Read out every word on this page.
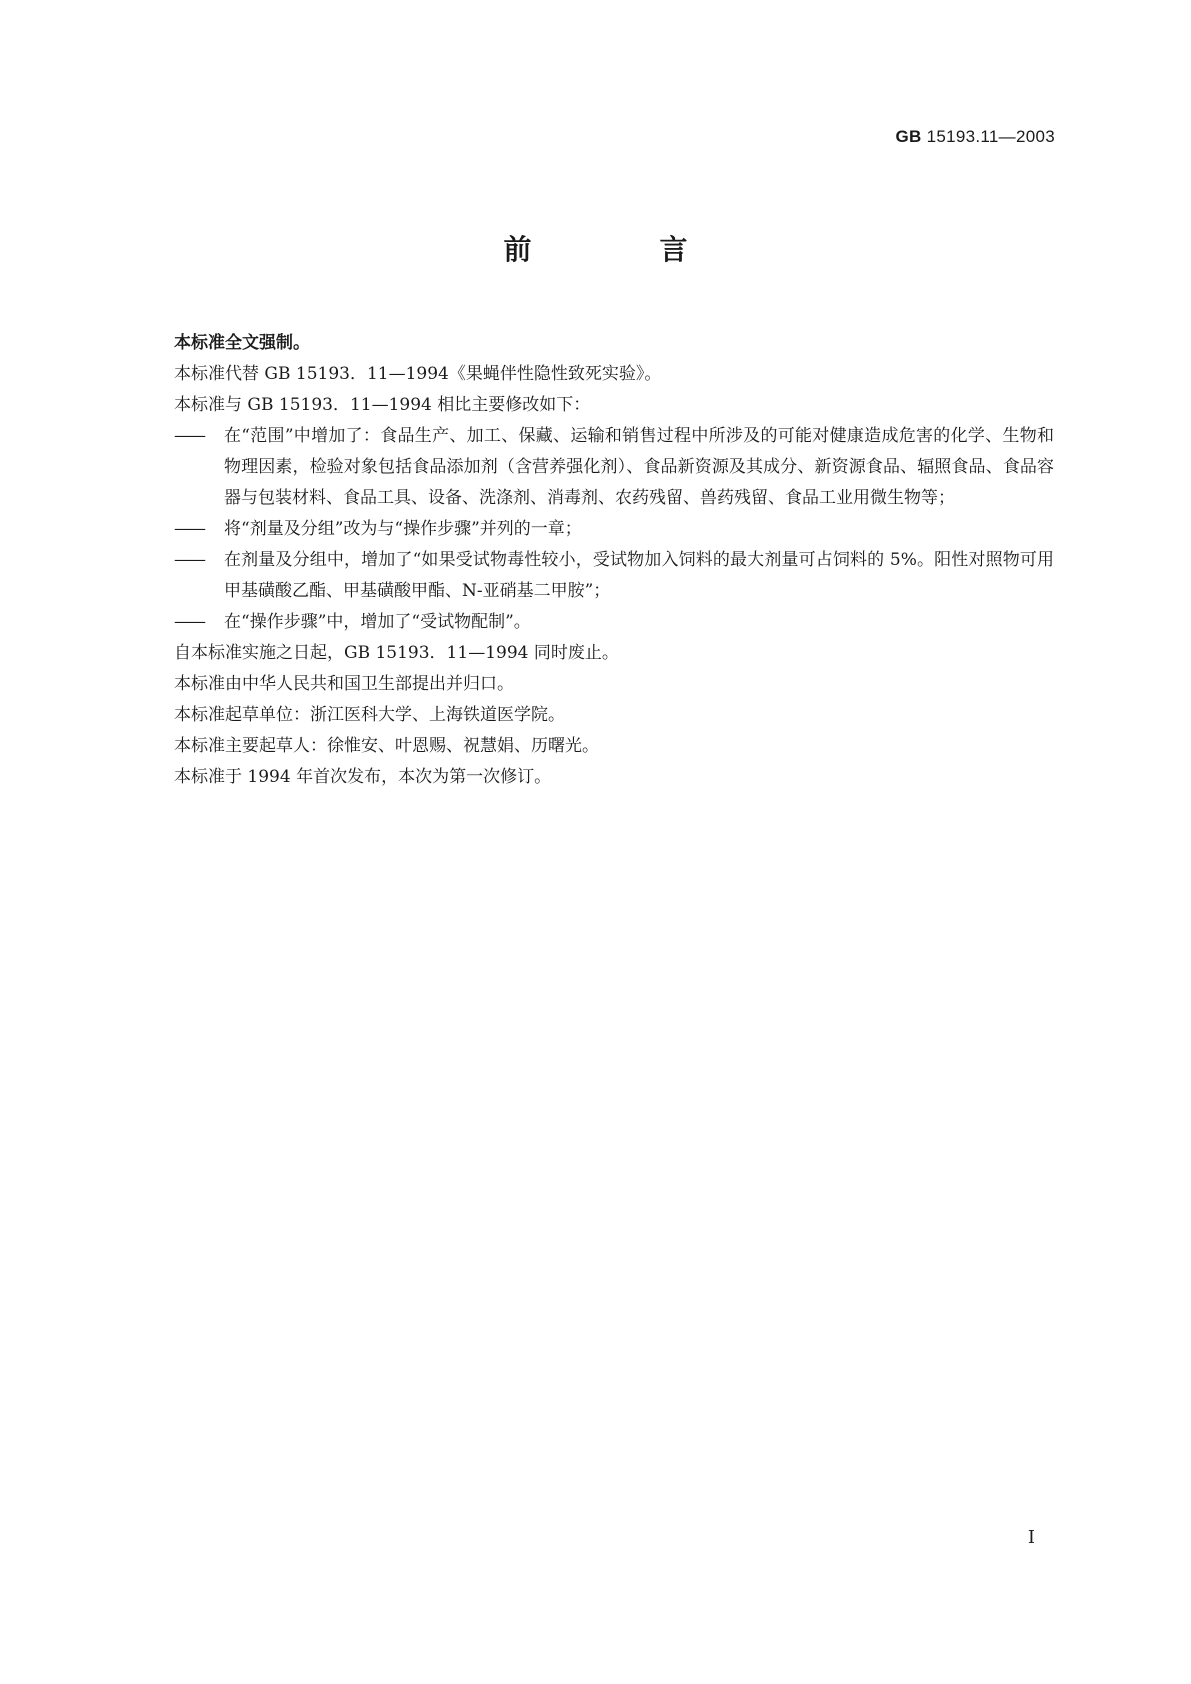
GB 15193.11—2003
前　言

本标准全文强制。

本标准代替 GB 15193．11—1994《果蝇伴性隐性致死实验》。

本标准与 GB 15193．11—1994 相比主要修改如下：

——	在“范围”中增加了：食品生产、加工、保藏、运输和销售过程中所涉及的可能对健康造成危害的化学、生物和物理因素，检验对象包括食品添加剂（含营养强化剂）、食品新资源及其成分、新资源食品、辐照食品、食品容器与包装材料、食品工具、设备、洗涤剂、消毒剂、农药残留、兽药残留、食品工业用微生物等；
——	将“剂量及分组”改为与“操作步骤”并列的一章；
——	在剂量及分组中，增加了“如果受试物毒性较小，受试物加入饲料的最大剂量可占饲料的 5%。阳性对照物可用甲基磺酸乙酯、甲基磺酸甲酯、N-亚硝基二甲胺”；
——	在“操作步骤”中，增加了“受试物配制”。

自本标准实施之日起，GB 15193．11—1994 同时废止。

本标准由中华人民共和国卫生部提出并归口。

本标准起草单位：浙江医科大学、上海铁道医学院。

本标准主要起草人：徐惟安、叶恩赐、祝慧娟、历曙光。

本标准于 1994 年首次发布，本次为第一次修订。

I
